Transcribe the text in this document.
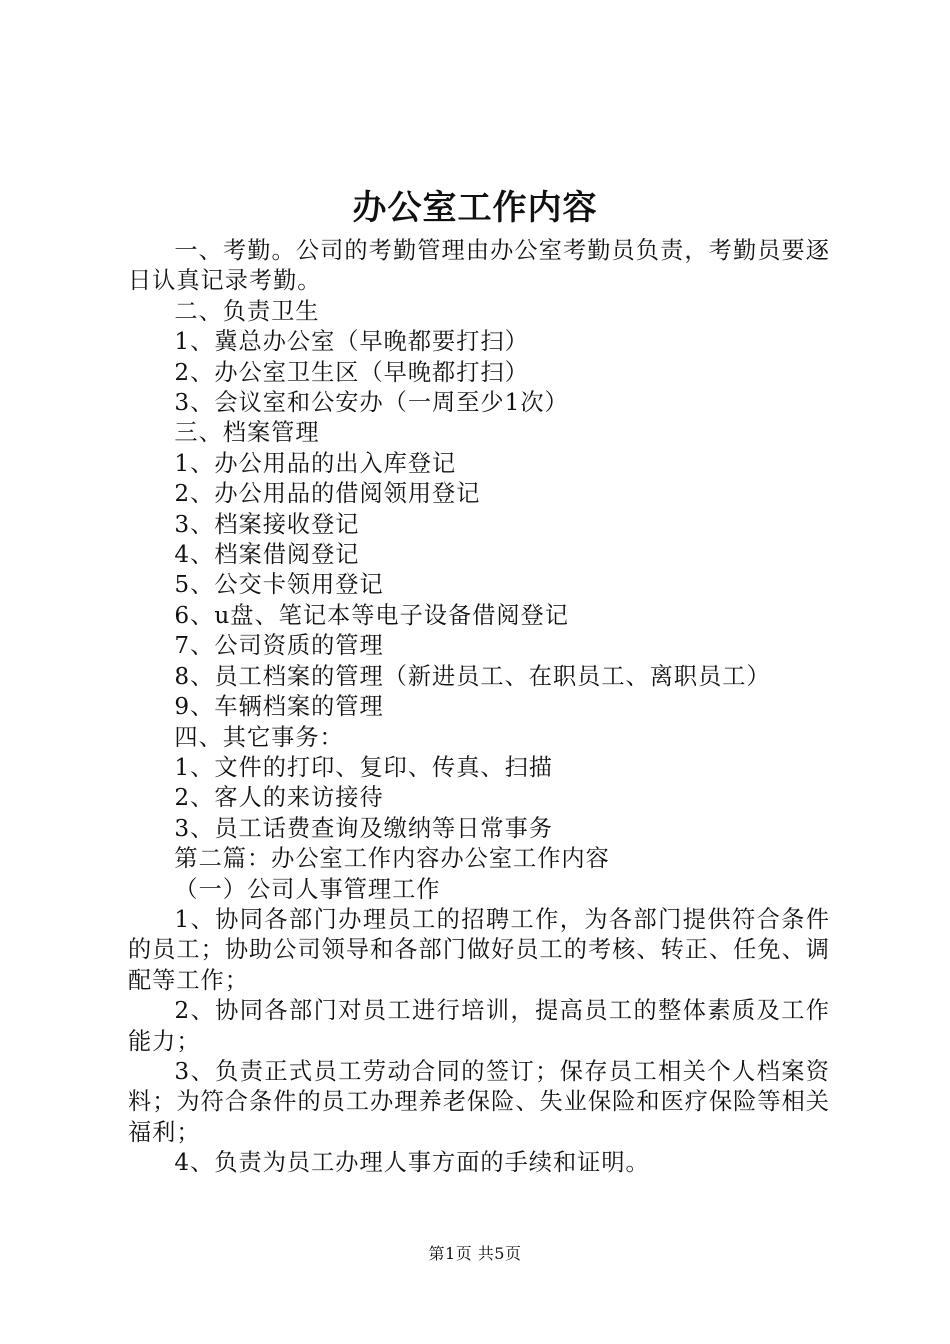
办公室工作内容

一、考勤。公司的考勤管理由办公室考勤员负责，考勤员要逐日认真记录考勤。

二、负责卫生

1、冀总办公室（早晚都要打扫）

2、办公室卫生区（早晚都打扫）

3、会议室和公安办（一周至少1次）

三、档案管理

1、办公用品的出入库登记

2、办公用品的借阅领用登记

3、档案接收登记

4、档案借阅登记

5、公交卡领用登记

6、u盘、笔记本等电子设备借阅登记

7、公司资质的管理

8、员工档案的管理（新进员工、在职员工、离职员工）

9、车辆档案的管理

四、其它事务：

1、文件的打印、复印、传真、扫描

2、客人的来访接待

3、员工话费查询及缴纳等日常事务

第二篇：办公室工作内容办公室工作内容

（一）公司人事管理工作

1、协同各部门办理员工的招聘工作，为各部门提供符合条件的员工；协助公司领导和各部门做好员工的考核、转正、任免、调配等工作；

2、协同各部门对员工进行培训，提高员工的整体素质及工作能力；

3、负责正式员工劳动合同的签订；保存员工相关个人档案资料；为符合条件的员工办理养老保险、失业保险和医疗保险等相关福利；

4、负责为员工办理人事方面的手续和证明。

第1页 共5页
